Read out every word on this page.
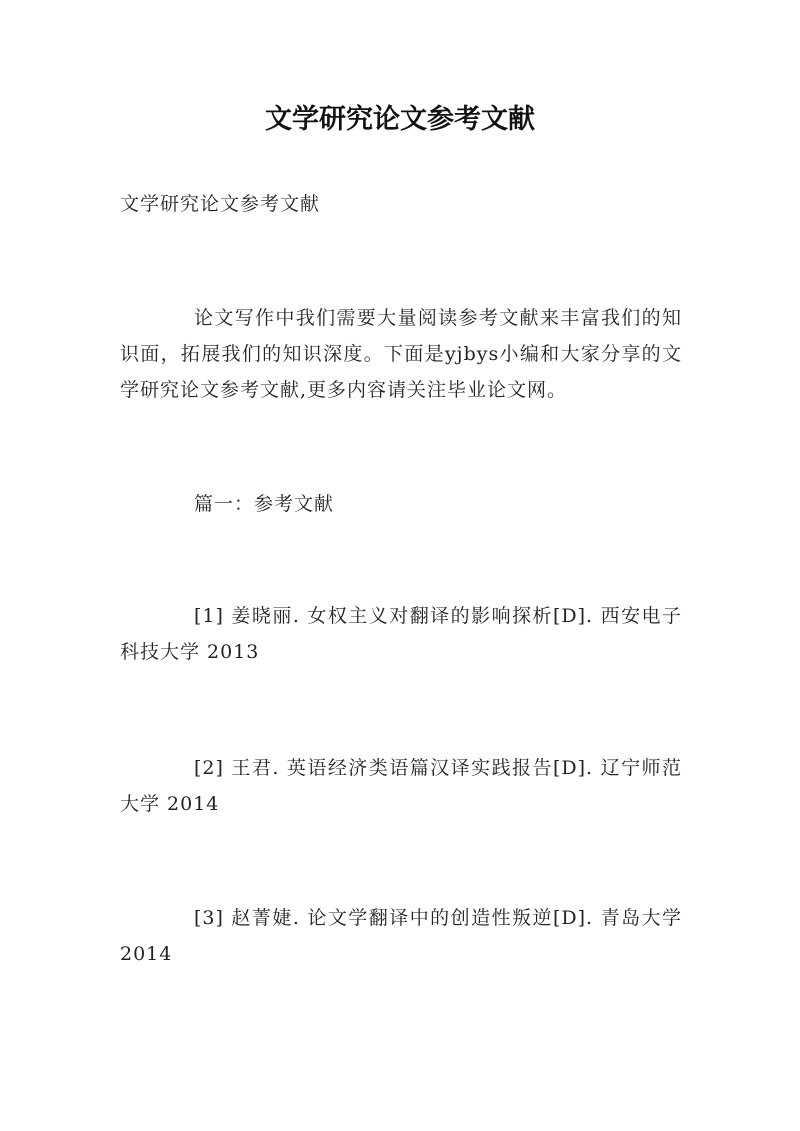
文学研究论文参考文献
文学研究论文参考文献
论文写作中我们需要大量阅读参考文献来丰富我们的知识面，拓展我们的知识深度。下面是yjbys小编和大家分享的文学研究论文参考文献,更多内容请关注毕业论文网。
篇一：参考文献
[1] 姜晓丽. 女权主义对翻译的影响探析[D]. 西安电子科技大学 2013
[2] 王君. 英语经济类语篇汉译实践报告[D]. 辽宁师范大学 2014
[3] 赵菁婕. 论文学翻译中的创造性叛逆[D]. 青岛大学 2014
